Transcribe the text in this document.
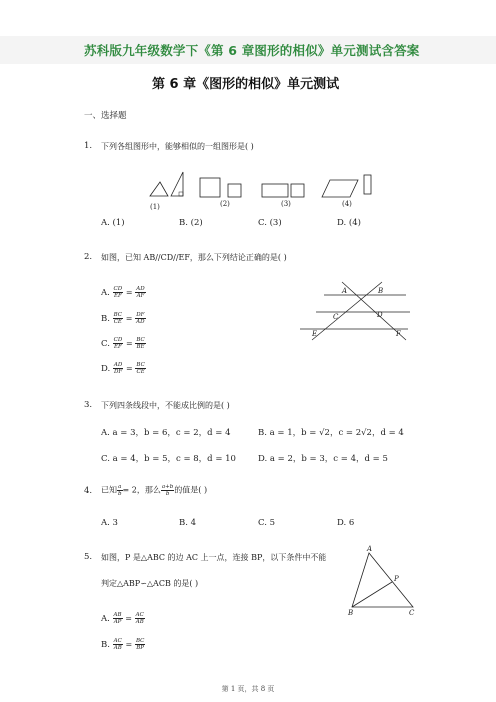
苏科版九年级数学下《第 6 章图形的相似》单元测试含答案
第 6 章《图形的相似》单元测试
一、选择题
1. 下列各组图形中，能够相似的一组图形是( )
(1)	(2)	(3)	(4)
A. (1)	B. (2)	C. (3)	D. (4)
2. 如图，已知 AB//CD//EF，那么下列结论正确的是( )
A. $\frac{CD}{EF} = \frac{AD}{AF}$
B. $\frac{BC}{CE} = \frac{DF}{AD}$
C. $\frac{CD}{EF} = \frac{BC}{BE}$
D. $\frac{AD}{DF} = \frac{BC}{CE}$
A	B
C	D
E	F
3. 下列四条线段中，不能成比例的是( )
A. a = 3，b = 6，c = 2，d = 4	B. a = 1，b = √2，c = 2√2，d = 4
C. a = 4，b = 5，c = 8，d = 10	D. a = 2，b = 3，c = 4，d = 5
4. 已知 $\frac{a}{b} = 2$，那么 $\frac{a+b}{b}$ 的值是( )
A. 3	B. 4	C. 5	D. 6
5. 如图，P 是△ABC 的边 AC 上一点，连接 BP，以下条件中不能
判定△ABP∽△ACB 的是( )
A. $\frac{AB}{AP} = \frac{AC}{AB}$
B. $\frac{AC}{AB} = \frac{BC}{BP}$
A
P
B	C
第 1 页，共 8 页
